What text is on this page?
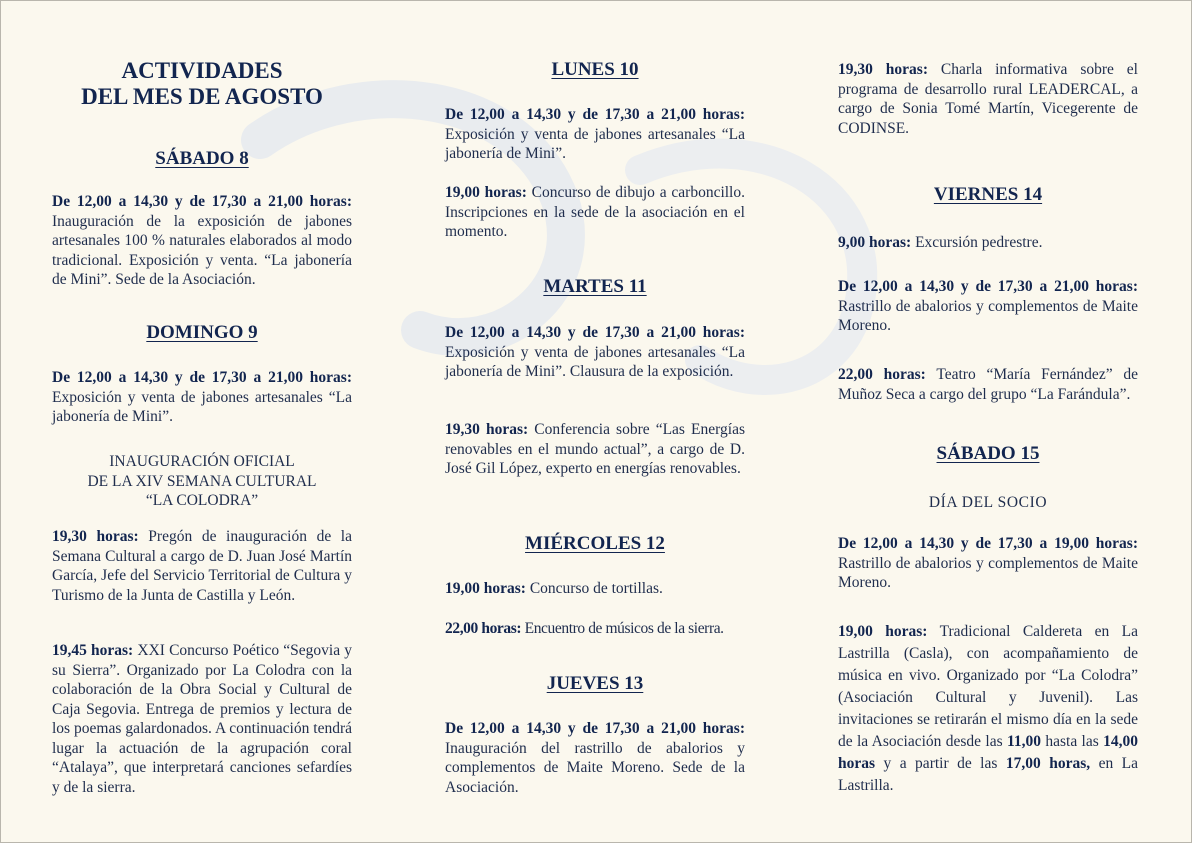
ACTIVIDADES
DEL MES DE AGOSTO
SÁBADO 8
De 12,00 a 14,30 y de 17,30 a 21,00 horas: Inauguración de la exposición de jabones artesanales 100 % naturales elaborados al modo tradicional. Exposición y venta. “La jabonería de Mini”. Sede de la Asociación.
DOMINGO 9
De 12,00 a 14,30 y de 17,30 a 21,00 horas: Exposición y venta de jabones artesanales “La jabonería de Mini”.
INAUGURACIÓN OFICIAL
DE LA XIV SEMANA CULTURAL
“LA COLODRA”
19,30 horas: Pregón de inauguración de la Semana Cultural a cargo de D. Juan José Martín García, Jefe del Servicio Territorial de Cultura y Turismo de la Junta de Castilla y León.
19,45 horas: XXI Concurso Poético “Segovia y su Sierra”. Organizado por La Colodra con la colaboración de la Obra Social y Cultural de Caja Segovia. Entrega de premios y lectura de los poemas galardonados. A continuación tendrá lugar la actuación de la agrupación coral “Atalaya”, que interpretará canciones sefardíes y de la sierra.
LUNES 10
De 12,00 a 14,30 y de 17,30 a 21,00 horas: Exposición y venta de jabones artesanales “La jabonería de Mini”.
19,00 horas: Concurso de dibujo a carboncillo. Inscripciones en la sede de la asociación en el momento.
MARTES 11
De 12,00 a 14,30 y de 17,30 a 21,00 horas: Exposición y venta de jabones artesanales “La jabonería de Mini”. Clausura de la exposición.
19,30 horas: Conferencia sobre “Las Energías renovables en el mundo actual”, a cargo de D. José Gil López, experto en energías renovables.
MIÉRCOLES 12
19,00 horas: Concurso de tortillas.
22,00 horas: Encuentro de músicos de la sierra.
JUEVES 13
De 12,00 a 14,30 y de 17,30 a 21,00 horas: Inauguración del rastrillo de abalorios y complementos de Maite Moreno. Sede de la Asociación.
19,30 horas: Charla informativa sobre el programa de desarrollo rural LEADERCAL, a cargo de Sonia Tomé Martín, Vicegerente de CODINSE.
VIERNES 14
9,00 horas: Excursión pedrestre.
De 12,00 a 14,30 y de 17,30 a 21,00 horas: Rastrillo de abalorios y complementos de Maite Moreno.
22,00 horas: Teatro “María Fernández” de Muñoz Seca a cargo del grupo “La Farándula”.
SÁBADO 15
DÍA DEL SOCIO
De 12,00 a 14,30 y de 17,30 a 19,00 horas: Rastrillo de abalorios y complementos de Maite Moreno.
19,00 horas: Tradicional Caldereta en La Lastrilla (Casla), con acompañamiento de música en vivo. Organizado por “La Colodra” (Asociación Cultural y Juvenil). Las invitaciones se retirarán el mismo día en la sede de la Asociación desde las 11,00 hasta las 14,00 horas y a partir de las 17,00 horas, en La Lastrilla.
